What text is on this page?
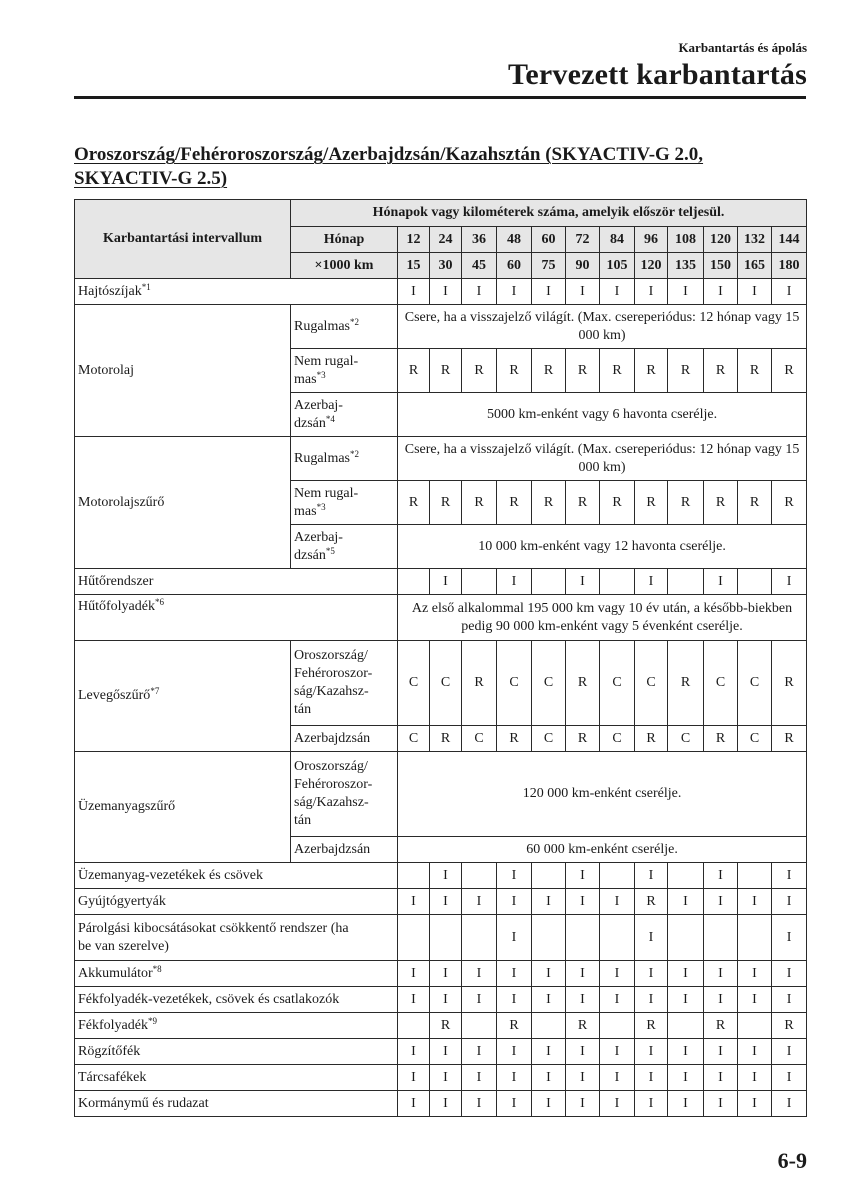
Karbantartás és ápolás
Tervezett karbantartás
Oroszország/Fehéroroszország/Azerbajdzsán/Kazahsztán (SKYACTIV-G 2.0,
SKYACTIV-G 2.5)
Karbantartási intervallum	Hónapok vagy kilométerek száma, amelyik először teljesül.												
	Hónap	12	24	36	48	60	72	84	96	108	120	132	144
	×1000 km	15	30	45	60	75	90	105	120	135	150	165	180
Hajtószíjak$^{*1}$		I	I	I	I	I	I	I	I	I	I	I	I
Motorolaj	Rugalmas$^{*2}$	Csere, ha a visszajelző világít. (Max. csereperiódus: 12 hónap vagy 15 000 km)											
	Nem rugal-
mas$^{*3}$	R	R	R	R	R	R	R	R	R	R	R	R
	Azerbaj-
dzsán$^{*4}$	5000 km-enként vagy 6 havonta cserélje.											
Motorolajszűrő	Rugalmas$^{*2}$	Csere, ha a visszajelző világít. (Max. csereperiódus: 12 hónap vagy 15 000 km)											
	Nem rugal-
mas$^{*3}$	R	R	R	R	R	R	R	R	R	R	R	R
	Azerbaj-
dzsán$^{*5}$	10 000 km-enként vagy 12 havonta cserélje.											
Hűtőrendszer			I		I		I		I		I		I
Hűtőfolyadék$^{*6}$		Az első alkalommal 195 000 km vagy 10 év után, a később-biekben pedig 90 000 km-enként vagy 5 évenként cserélje.											
Levegőszűrő$^{*7}$	Oroszország/
Fehéroroszor-
ság/Kazahsz-
tán	C	C	R	C	C	R	C	C	R	C	C	R
	Azerbajdzsán	C	R	C	R	C	R	C	R	C	R	C	R
Üzemanyagszűrő	Oroszország/
Fehéroroszor-
ság/Kazahsz-
tán	120 000 km-enként cserélje.											
	Azerbajdzsán	60 000 km-enként cserélje.											
Üzemanyag-vezetékek és csövek			I		I		I		I		I		I
Gyújtógyertyák		I	I	I	I	I	I	I	R	I	I	I	I
Párolgási kibocsátásokat csökkentő rendszer (ha
be van szerelve)					I				I				I
Akkumulátor$^{*8}$		I	I	I	I	I	I	I	I	I	I	I	I
Fékfolyadék-vezetékek, csövek és csatlakozók		I	I	I	I	I	I	I	I	I	I	I	I
Fékfolyadék$^{*9}$			R		R		R		R		R		R
Rögzítőfék		I	I	I	I	I	I	I	I	I	I	I	I
Tárcsafékek		I	I	I	I	I	I	I	I	I	I	I	I
Kormánymű és rudazat		I	I	I	I	I	I	I	I	I	I	I	I
6-9
